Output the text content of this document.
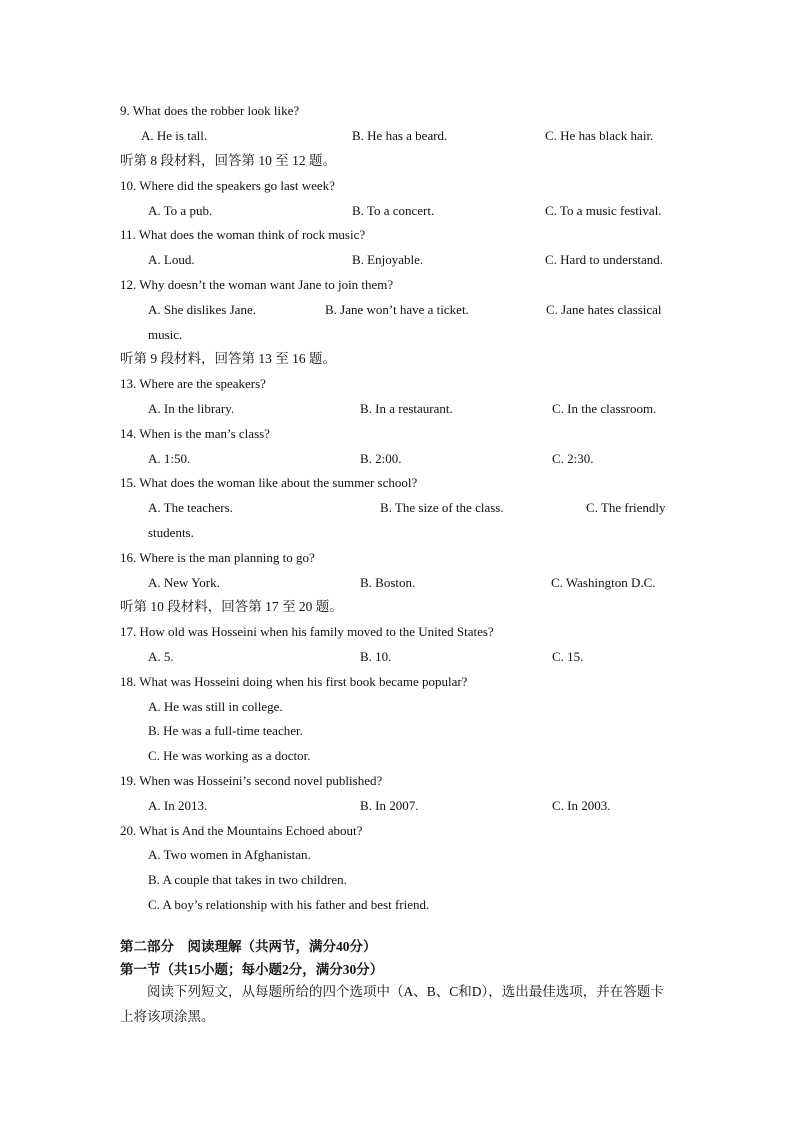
9. What does the robber look like?
A. He is tall.	B. He has a beard.	C. He has black hair.
听第 8 段材料，回答第 10 至 12 题。
10. Where did the speakers go last week?
A. To a pub.	B. To a concert.	C. To a music festival.
11. What does the woman think of rock music?
A. Loud.	B. Enjoyable.	C. Hard to understand.
12. Why doesn’t the woman want Jane to join them?
A. She dislikes Jane.	B. Jane won’t have a ticket.	C. Jane hates classical
music.
听第 9 段材料，回答第 13 至 16 题。
13. Where are the speakers?
A. In the library.	B. In a restaurant.	C. In the classroom.
14. When is the man’s class?
A. 1:50.	B. 2:00.	C. 2:30.
15. What does the woman like about the summer school?
A. The teachers.	B. The size of the class.	C. The friendly
students.
16. Where is the man planning to go?
A. New York.	B. Boston.	C. Washington D.C.
听第 10 段材料，回答第 17 至 20 题。
17. How old was Hosseini when his family moved to the United States?
A. 5.	B. 10.	C. 15.
18. What was Hosseini doing when his first book became popular?
A. He was still in college.
B. He was a full-time teacher.
C. He was working as a doctor.
19. When was Hosseini’s second novel published?
A. In 2013.	B. In 2007.	C. In 2003.
20. What is And the Mountains Echoed about?
A. Two women in Afghanistan.
B. A couple that takes in two children.
C. A boy’s relationship with his father and best friend.
第二部分　阅读理解（共两节，满分40分）
第一节（共15小题；每小题2分，满分30分）
阅读下列短文，从每题所给的四个选项中（A、B、C和D），选出最佳选项，并在答题卡上将该项涂黑。
